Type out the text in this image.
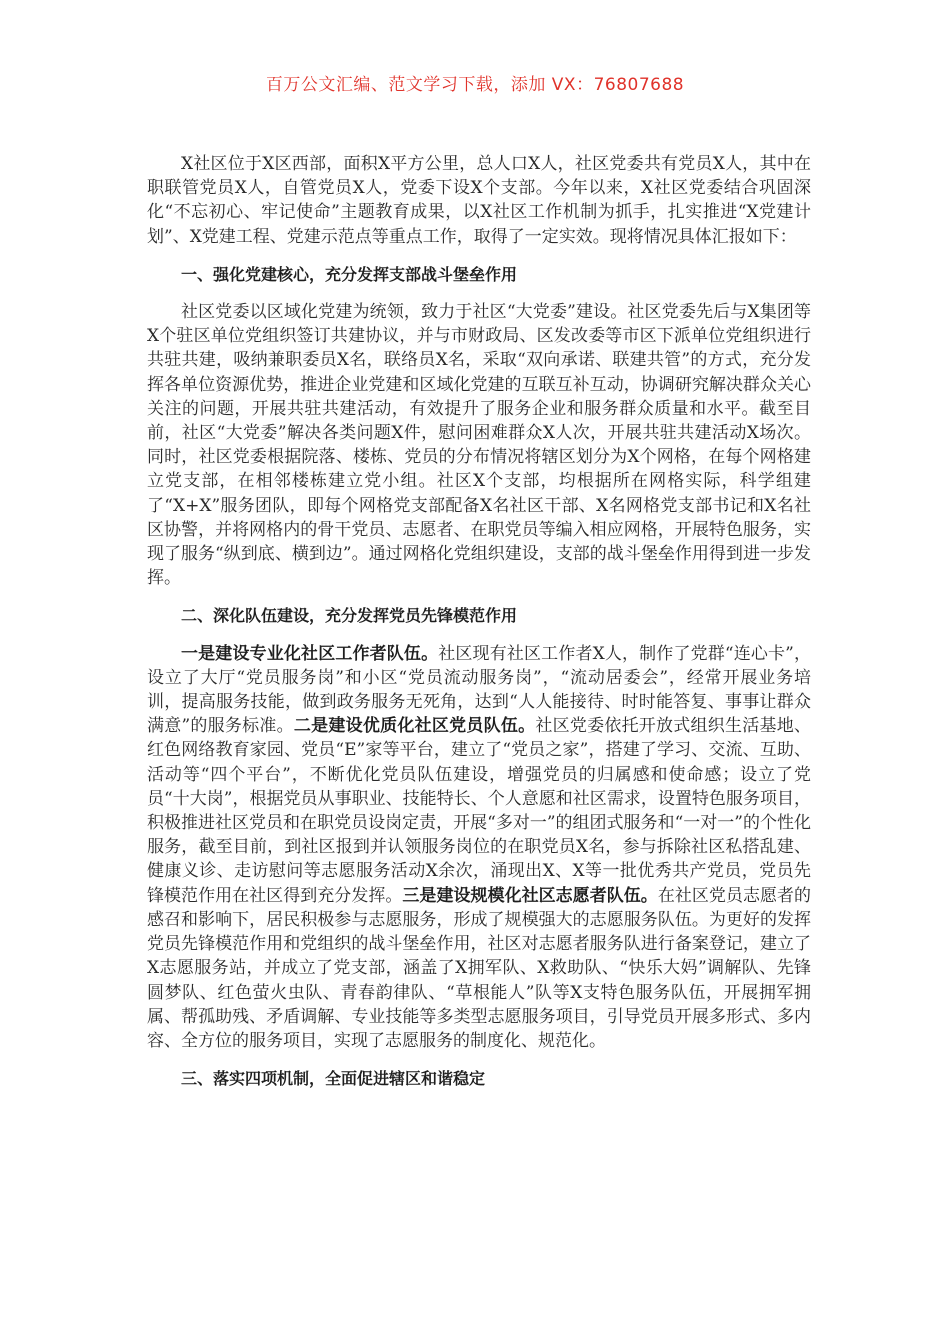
百万公文汇编、范文学习下载，添加 VX：76807688

X社区位于X区西部，面积X平方公里，总人口X人，社区党委共有党员X人，其中在职联管党员X人，自管党员X人，党委下设X个支部。今年以来，X社区党委结合巩固深化“不忘初心、牢记使命”主题教育成果，以X社区工作机制为抓手，扎实推进“X党建计划”、X党建工程、党建示范点等重点工作，取得了一定实效。现将情况具体汇报如下：

一、强化党建核心，充分发挥支部战斗堡垒作用

社区党委以区域化党建为统领，致力于社区“大党委”建设。社区党委先后与X集团等X个驻区单位党组织签订共建协议，并与市财政局、区发改委等市区下派单位党组织进行共驻共建，吸纳兼职委员X名，联络员X名，采取“双向承诺、联建共管”的方式，充分发挥各单位资源优势，推进企业党建和区域化党建的互联互补互动，协调研究解决群众关心关注的问题，开展共驻共建活动，有效提升了服务企业和服务群众质量和水平。截至目前，社区“大党委”解决各类问题X件，慰问困难群众X人次，开展共驻共建活动X场次。同时，社区党委根据院落、楼栋、党员的分布情况将辖区划分为X个网格，在每个网格建立党支部，在相邻楼栋建立党小组。社区X个支部，均根据所在网格实际，科学组建了“X+X”服务团队，即每个网格党支部配备X名社区干部、X名网格党支部书记和X名社区协警，并将网格内的骨干党员、志愿者、在职党员等编入相应网格，开展特色服务，实现了服务“纵到底、横到边”。通过网格化党组织建设，支部的战斗堡垒作用得到进一步发挥。

二、深化队伍建设，充分发挥党员先锋模范作用

一是建设专业化社区工作者队伍。社区现有社区工作者X人，制作了党群“连心卡”，设立了大厅“党员服务岗”和小区“党员流动服务岗”，“流动居委会”，经常开展业务培训，提高服务技能，做到政务服务无死角，达到“人人能接待、时时能答复、事事让群众满意”的服务标准。二是建设优质化社区党员队伍。社区党委依托开放式组织生活基地、红色网络教育家园、党员“E”家等平台，建立了“党员之家”，搭建了学习、交流、互助、活动等“四个平台”，不断优化党员队伍建设，增强党员的归属感和使命感；设立了党员“十大岗”，根据党员从事职业、技能特长、个人意愿和社区需求，设置特色服务项目，积极推进社区党员和在职党员设岗定责，开展“多对一”的组团式服务和“一对一”的个性化服务，截至目前，到社区报到并认领服务岗位的在职党员X名，参与拆除社区私搭乱建、健康义诊、走访慰问等志愿服务活动X余次，涌现出X、X等一批优秀共产党员，党员先锋模范作用在社区得到充分发挥。三是建设规模化社区志愿者队伍。在社区党员志愿者的感召和影响下，居民积极参与志愿服务，形成了规模强大的志愿服务队伍。为更好的发挥党员先锋模范作用和党组织的战斗堡垒作用，社区对志愿者服务队进行备案登记，建立了X志愿服务站，并成立了党支部，涵盖了X拥军队、X救助队、“快乐大妈”调解队、先锋圆梦队、红色萤火虫队、青春韵律队、“草根能人”队等X支特色服务队伍，开展拥军拥属、帮孤助残、矛盾调解、专业技能等多类型志愿服务项目，引导党员开展多形式、多内容、全方位的服务项目，实现了志愿服务的制度化、规范化。

三、落实四项机制，全面促进辖区和谐稳定
